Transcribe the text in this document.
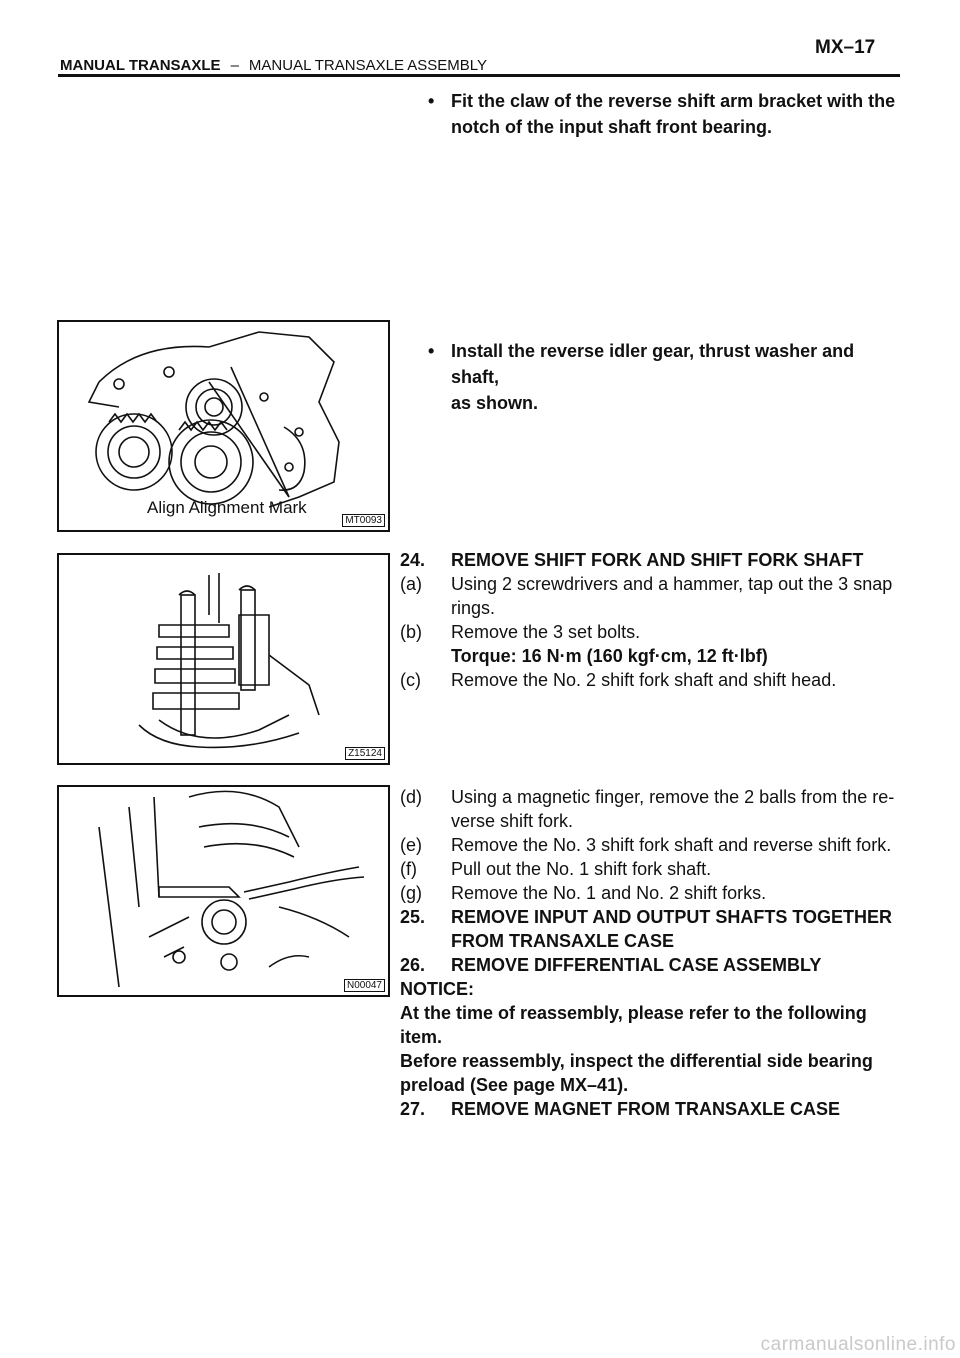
MX–17
MANUAL TRANSAXLE – MANUAL TRANSAXLE ASSEMBLY
• Fit the claw of the reverse shift arm bracket with the
notch of the input shaft front bearing.
• Install the reverse idler gear, thrust washer and shaft,
as shown.
Align Alignment Mark
MT0093
Z15124
N00047
24.	REMOVE SHIFT FORK AND SHIFT FORK SHAFT
(a)	Using 2 screwdrivers and a hammer, tap out the 3 snap
rings.
(b)	Remove the 3 set bolts.
Torque: 16 N·m (160 kgf·cm, 12 ft·lbf)
(c)	Remove the No. 2 shift fork shaft and shift head.
(d)	Using a magnetic finger, remove the 2 balls from the re-
verse shift fork.
(e)	Remove the No. 3 shift fork shaft and reverse shift fork.
(f)	Pull out the No. 1 shift fork shaft.
(g)	Remove the No. 1 and No. 2 shift forks.
25.	REMOVE INPUT AND OUTPUT SHAFTS TOGETHER
FROM TRANSAXLE CASE
26.	REMOVE DIFFERENTIAL CASE ASSEMBLY
NOTICE:
At the time of reassembly, please refer to the following
item.
Before reassembly, inspect the differential side bearing
preload (See page MX–41).
27.	REMOVE MAGNET FROM TRANSAXLE CASE
carmanualsonline.info
